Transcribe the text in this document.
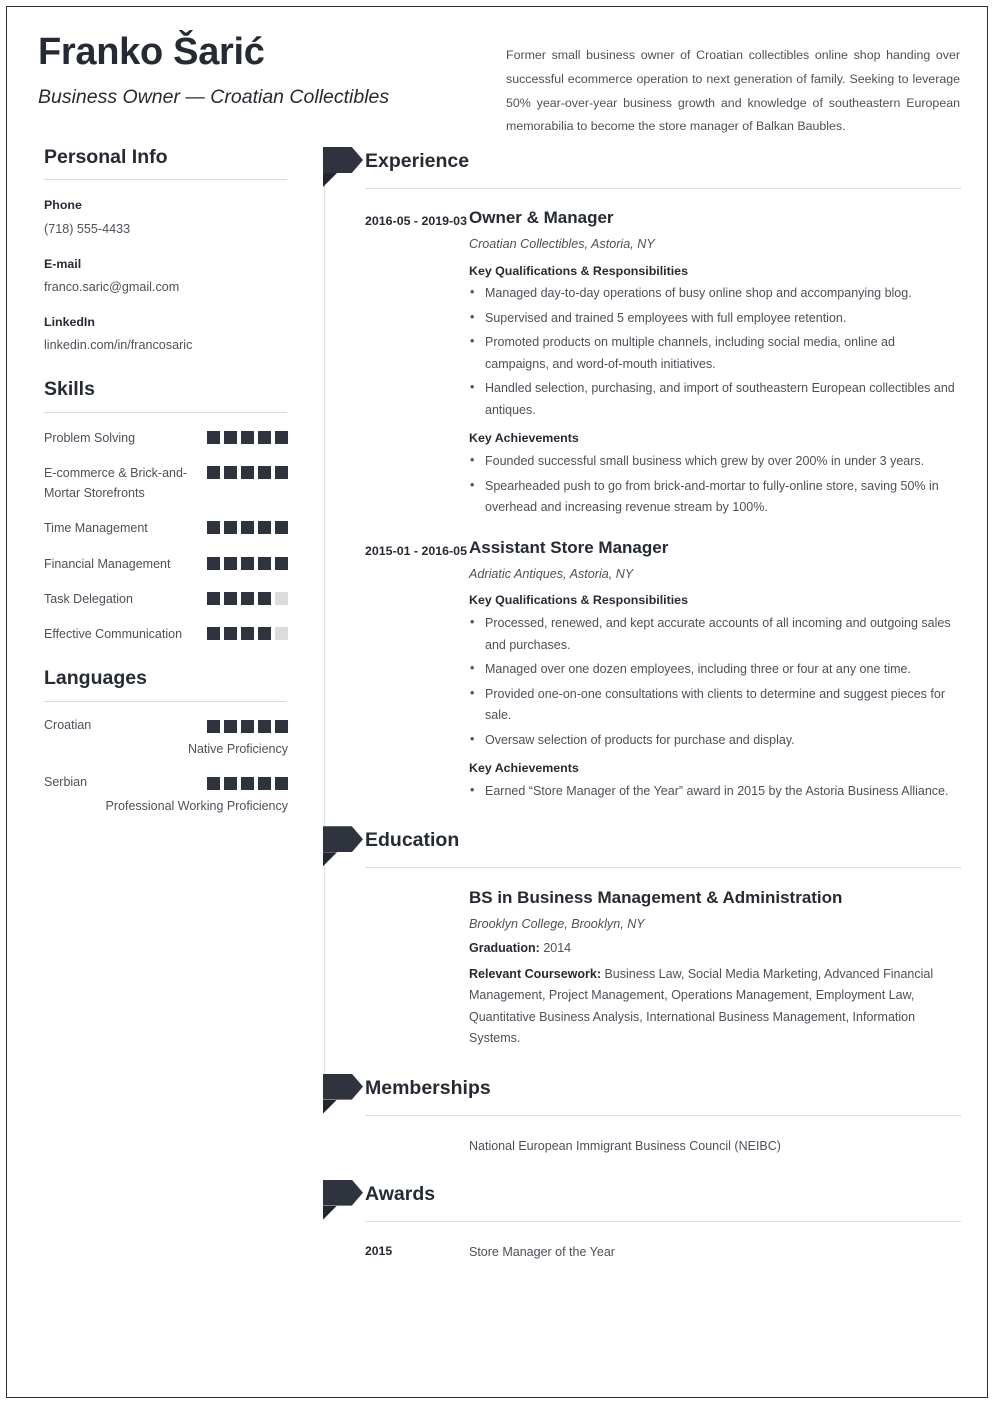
Franko Šarić
Business Owner — Croatian Collectibles

Former small business owner of Croatian collectibles online shop handing over successful ecommerce operation to next generation of family. Seeking to leverage 50% year-over-year business growth and knowledge of southeastern European memorabilia to become the store manager of Balkan Baubles.

Personal Info
Phone
(718) 555-4433
E-mail
franco.saric@gmail.com
LinkedIn
linkedin.com/in/francosaric
Skills
Problem Solving
E-commerce & Brick-and-Mortar Storefronts
Time Management
Financial Management
Task Delegation
Effective Communication
Languages
Croatian
Native Proficiency
Serbian
Professional Working Proficiency
Experience
2016-05 - 2019-03 Owner & Manager
Croatian Collectibles, Astoria, NY
Key Qualifications & Responsibilities
• Managed day-to-day operations of busy online shop and accompanying blog.
• Supervised and trained 5 employees with full employee retention.
• Promoted products on multiple channels, including social media, online ad campaigns, and word-of-mouth initiatives.
• Handled selection, purchasing, and import of southeastern European collectibles and antiques.
Key Achievements
• Founded successful small business which grew by over 200% in under 3 years.
• Spearheaded push to go from brick-and-mortar to fully-online store, saving 50% in overhead and increasing revenue stream by 100%.
2015-01 - 2016-05 Assistant Store Manager
Adriatic Antiques, Astoria, NY
Key Qualifications & Responsibilities
• Processed, renewed, and kept accurate accounts of all incoming and outgoing sales and purchases.
• Managed over one dozen employees, including three or four at any one time.
• Provided one-on-one consultations with clients to determine and suggest pieces for sale.
• Oversaw selection of products for purchase and display.
Key Achievements
• Earned “Store Manager of the Year” award in 2015 by the Astoria Business Alliance.
Education
BS in Business Management & Administration
Brooklyn College, Brooklyn, NY
Graduation: 2014
Relevant Coursework: Business Law, Social Media Marketing, Advanced Financial Management, Project Management, Operations Management, Employment Law, Quantitative Business Analysis, International Business Management, Information Systems.
Memberships
National European Immigrant Business Council (NEIBC)
Awards
2015	Store Manager of the Year
